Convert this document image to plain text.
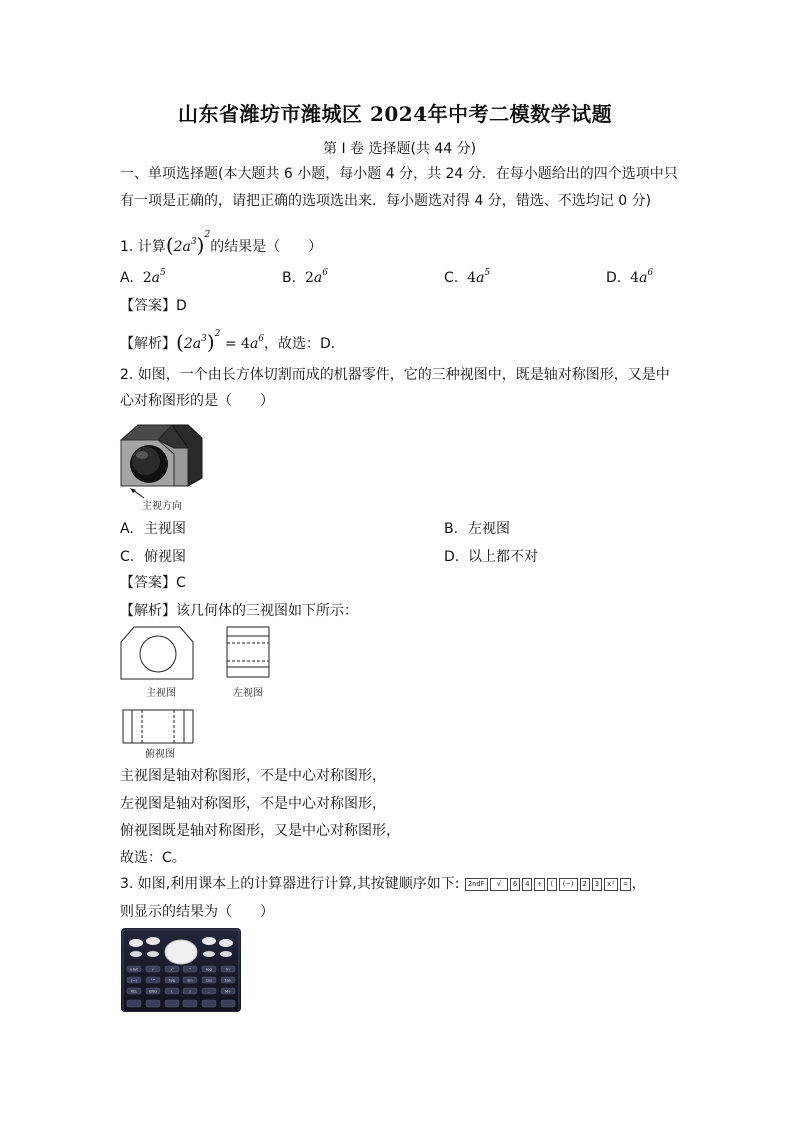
山东省潍坊市潍城区 2024年中考二模数学试题
第 I 卷 选择题(共 44 分)
一、单项选择题(本大题共 6 小题，每小题 4 分，共 24 分．在每小题给出的四个选项中只
有一项是正确的，请把正确的选项选出来．每小题选对得 4 分，错选、不选均记 0 分)
1. 计算$(2a^3)^2$的结果是（　　）
A. $2a^5$	B. $2a^6$	C. $4a^5$	D. $4a^6$
【答案】D
【解析】$(2a^3)^2 = 4a^6$，故选：D．
2. 如图，一个由长方体切割而成的机器零件，它的三种视图中，既是轴对称图形，又是中
心对称图形的是（　　）
主视方向
A. 主视图	B. 左视图
C. 俯视图	D. 以上都不对
【答案】C
【解析】该几何体的三视图如下所示：
主视图	左视图
俯视图
主视图是轴对称图形，不是中心对称图形，
左视图是轴对称图形，不是中心对称图形，
俯视图既是轴对称图形，又是中心对称图形，
故选：C。
3. 如图,利用课本上的计算器进行计算,其按键顺序如下: 2ndF √ 6 4 ÷ ( (−) 2 3 x² = ，
则显示的结果为（　　）
a b/c	√	x²	^	log	ln
(−)	°'"	hyp	sin	cos	tan
RCL	ENG	(	)	,	M+
